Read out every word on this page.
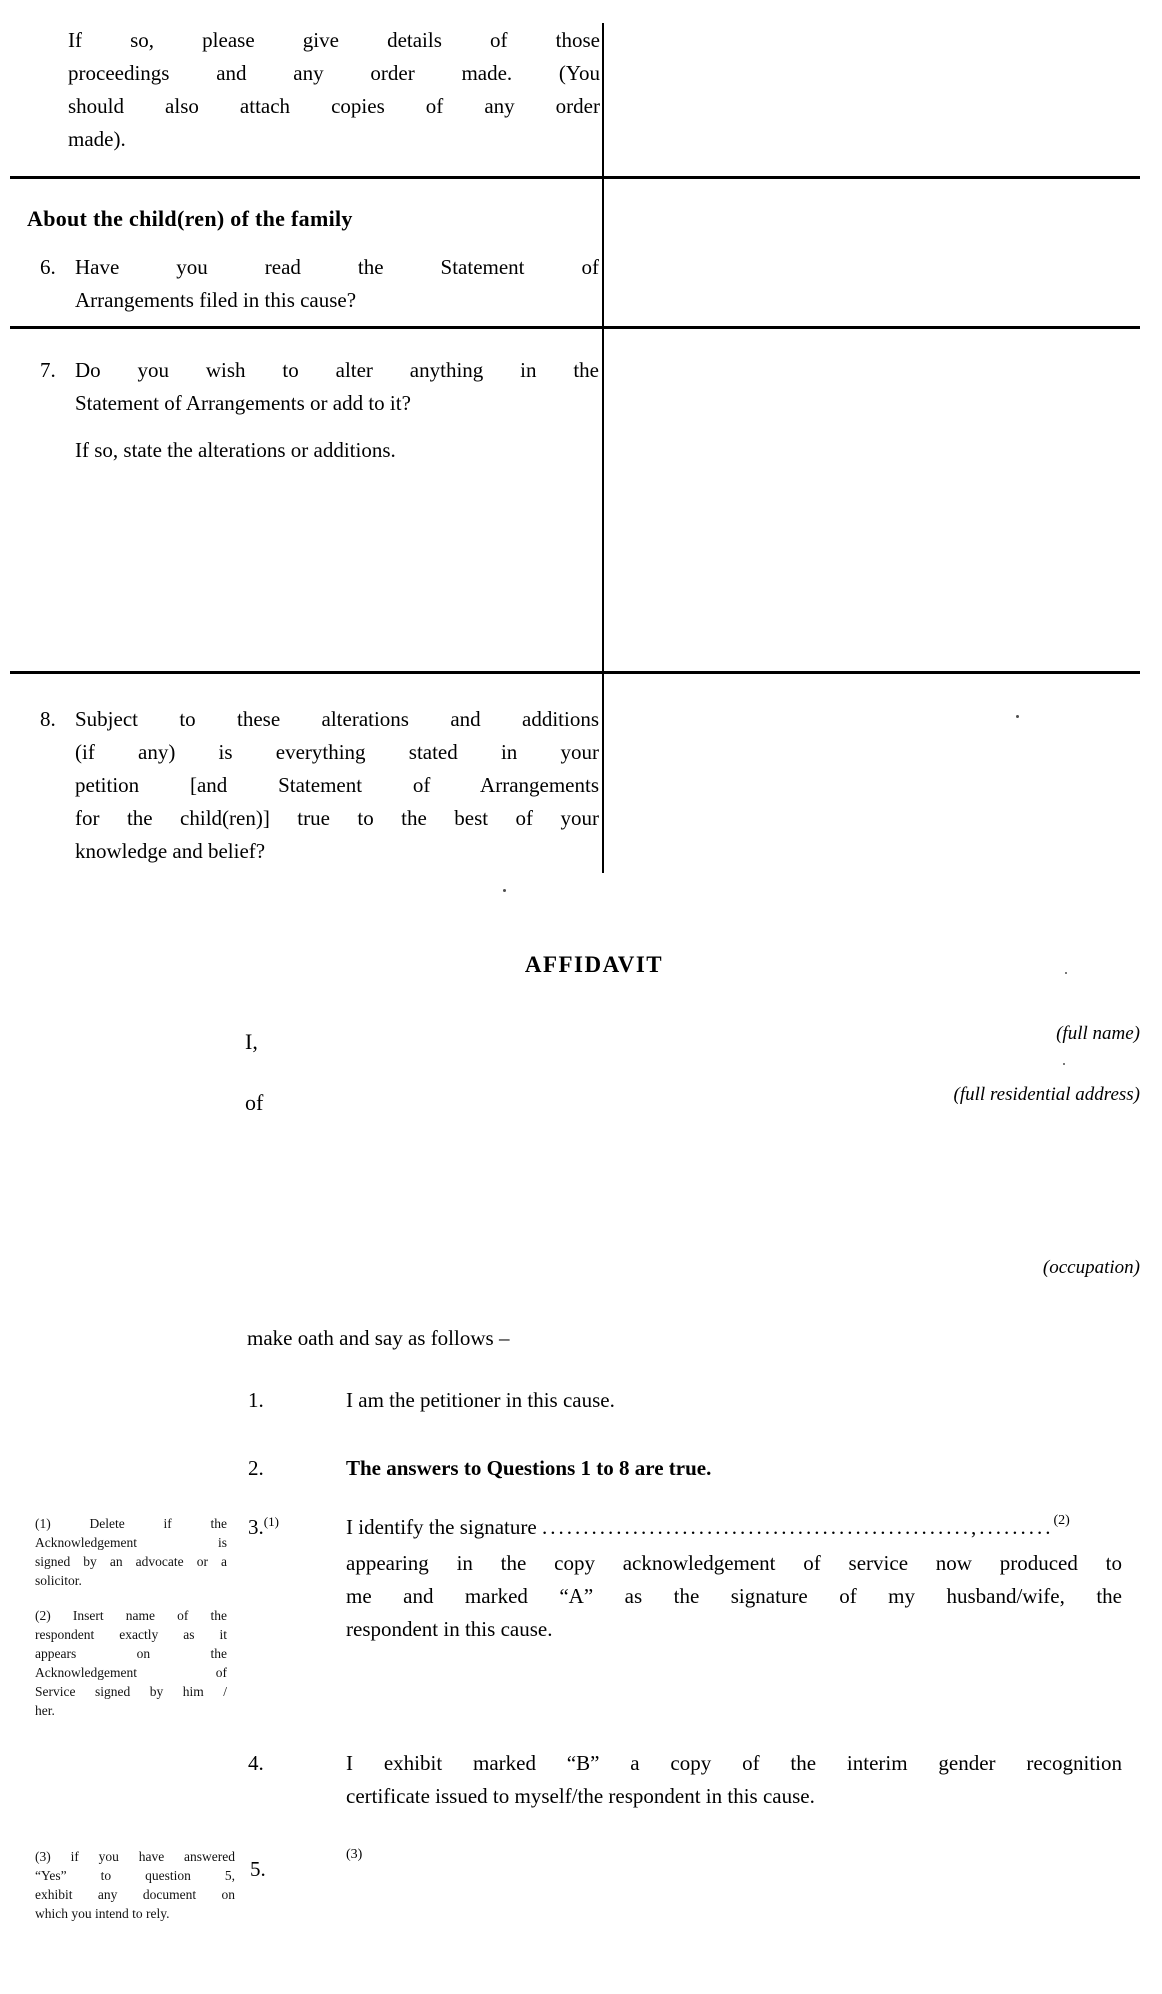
If so, please give details of those
proceedings and any order made. (You
should also attach copies of any order
made).
About the child(ren) of the family
6. Have you read the Statement of
Arrangements filed in this cause?
7. Do you wish to alter anything in the
Statement of Arrangements or add to it?
If so, state the alterations or additions.
8. Subject to these alterations and additions
(if any) is everything stated in your
petition [and Statement of Arrangements
for the child(ren)] true to the best of your
knowledge and belief?
AFFIDAVIT
I,	(full name)
of	(full residential address)
(occupation)
make oath and say as follows –
1.	I am the petitioner in this cause.
2.	The answers to Questions 1 to 8 are true.
(1) Delete if the
Acknowledgement is
signed by an advocate or a
solicitor.
3.$^{(1)}$	I identify the signature ....................................................,.........$^{(2)}$
appearing in the copy acknowledgement of service now produced to
me and marked “A” as the signature of my husband/wife, the
respondent in this cause.
(2) Insert name of the
respondent exactly as it
appears on the
Acknowledgement of
Service signed by him /
her.
4.	I exhibit marked “B” a copy of the interim gender recognition
certificate issued to myself/the respondent in this cause.
(3) if you have answered
“Yes” to question 5,
exhibit any document on
which you intend to rely.
5.
(3)
